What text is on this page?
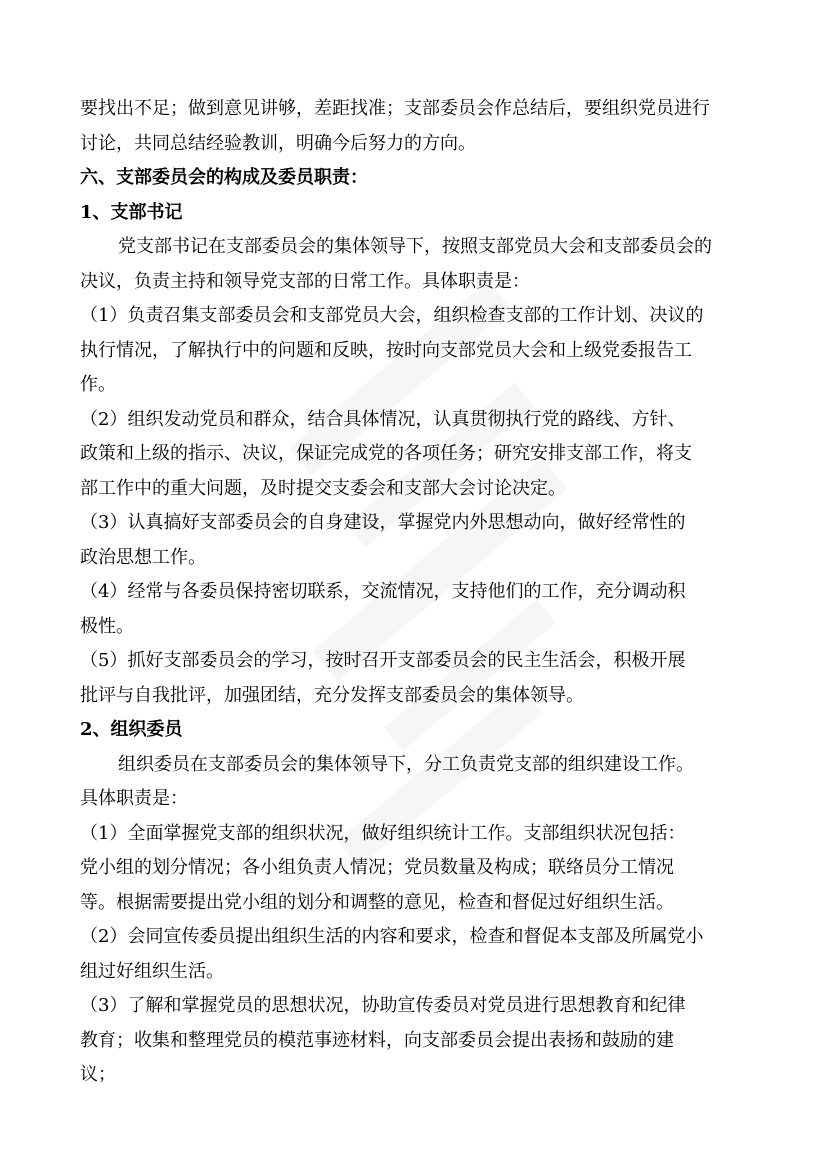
要找出不足；做到意见讲够，差距找准；支部委员会作总结后，要组织党员进行
讨论，共同总结经验教训，明确今后努力的方向。
六、支部委员会的构成及委员职责：
1、支部书记
党支部书记在支部委员会的集体领导下，按照支部党员大会和支部委员会的
决议，负责主持和领导党支部的日常工作。具体职责是：
（1）负责召集支部委员会和支部党员大会，组织检查支部的工作计划、决议的
执行情况，了解执行中的问题和反映，按时向支部党员大会和上级党委报告工
作。
（2）组织发动党员和群众，结合具体情况，认真贯彻执行党的路线、方针、
政策和上级的指示、决议，保证完成党的各项任务；研究安排支部工作，将支
部工作中的重大问题，及时提交支委会和支部大会讨论决定。
（3）认真搞好支部委员会的自身建设，掌握党内外思想动向，做好经常性的
政治思想工作。
（4）经常与各委员保持密切联系，交流情况，支持他们的工作，充分调动积
极性。
（5）抓好支部委员会的学习，按时召开支部委员会的民主生活会，积极开展
批评与自我批评，加强团结，充分发挥支部委员会的集体领导。
2、组织委员
组织委员在支部委员会的集体领导下，分工负责党支部的组织建设工作。
具体职责是：
（1）全面掌握党支部的组织状况，做好组织统计工作。支部组织状况包括：
党小组的划分情况；各小组负责人情况；党员数量及构成；联络员分工情况
等。根据需要提出党小组的划分和调整的意见，检查和督促过好组织生活。
（2）会同宣传委员提出组织生活的内容和要求，检查和督促本支部及所属党小
组过好组织生活。
（3）了解和掌握党员的思想状况，协助宣传委员对党员进行思想教育和纪律
教育；收集和整理党员的模范事迹材料，向支部委员会提出表扬和鼓励的建
议；
